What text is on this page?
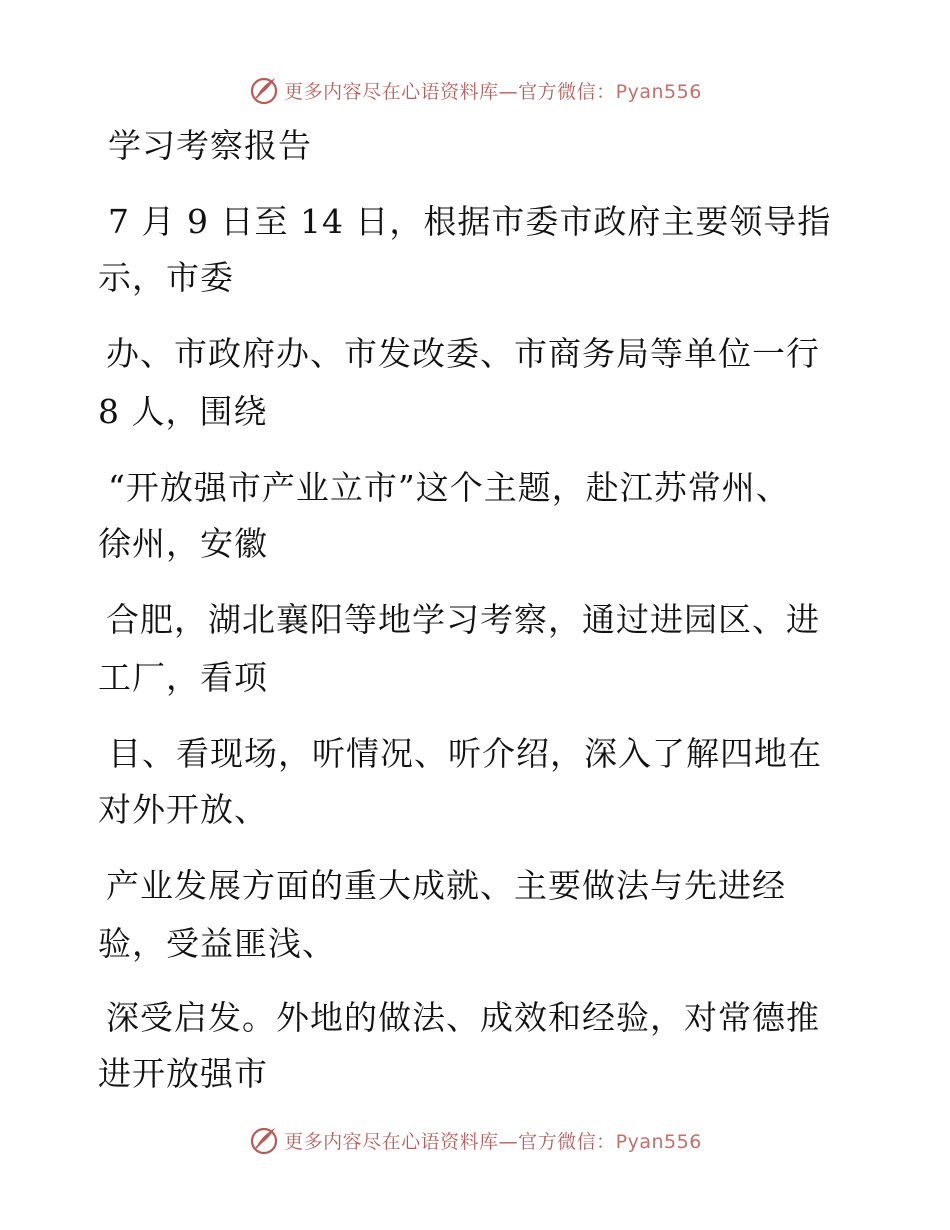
更多内容尽在心语资料库—官方微信：Pyan556
学习考察报告
7 月 9 日至 14 日，根据市委市政府主要领导指
示，市委
办、市政府办、市发改委、市商务局等单位一行
8 人，围绕
“开放强市产业立市”这个主题，赴江苏常州、
徐州，安徽
合肥，湖北襄阳等地学习考察，通过进园区、进
工厂，看项
目、看现场，听情况、听介绍，深入了解四地在
对外开放、
产业发展方面的重大成就、主要做法与先进经
验，受益匪浅、
深受启发。外地的做法、成效和经验，对常德推
进开放强市
更多内容尽在心语资料库—官方微信：Pyan556
